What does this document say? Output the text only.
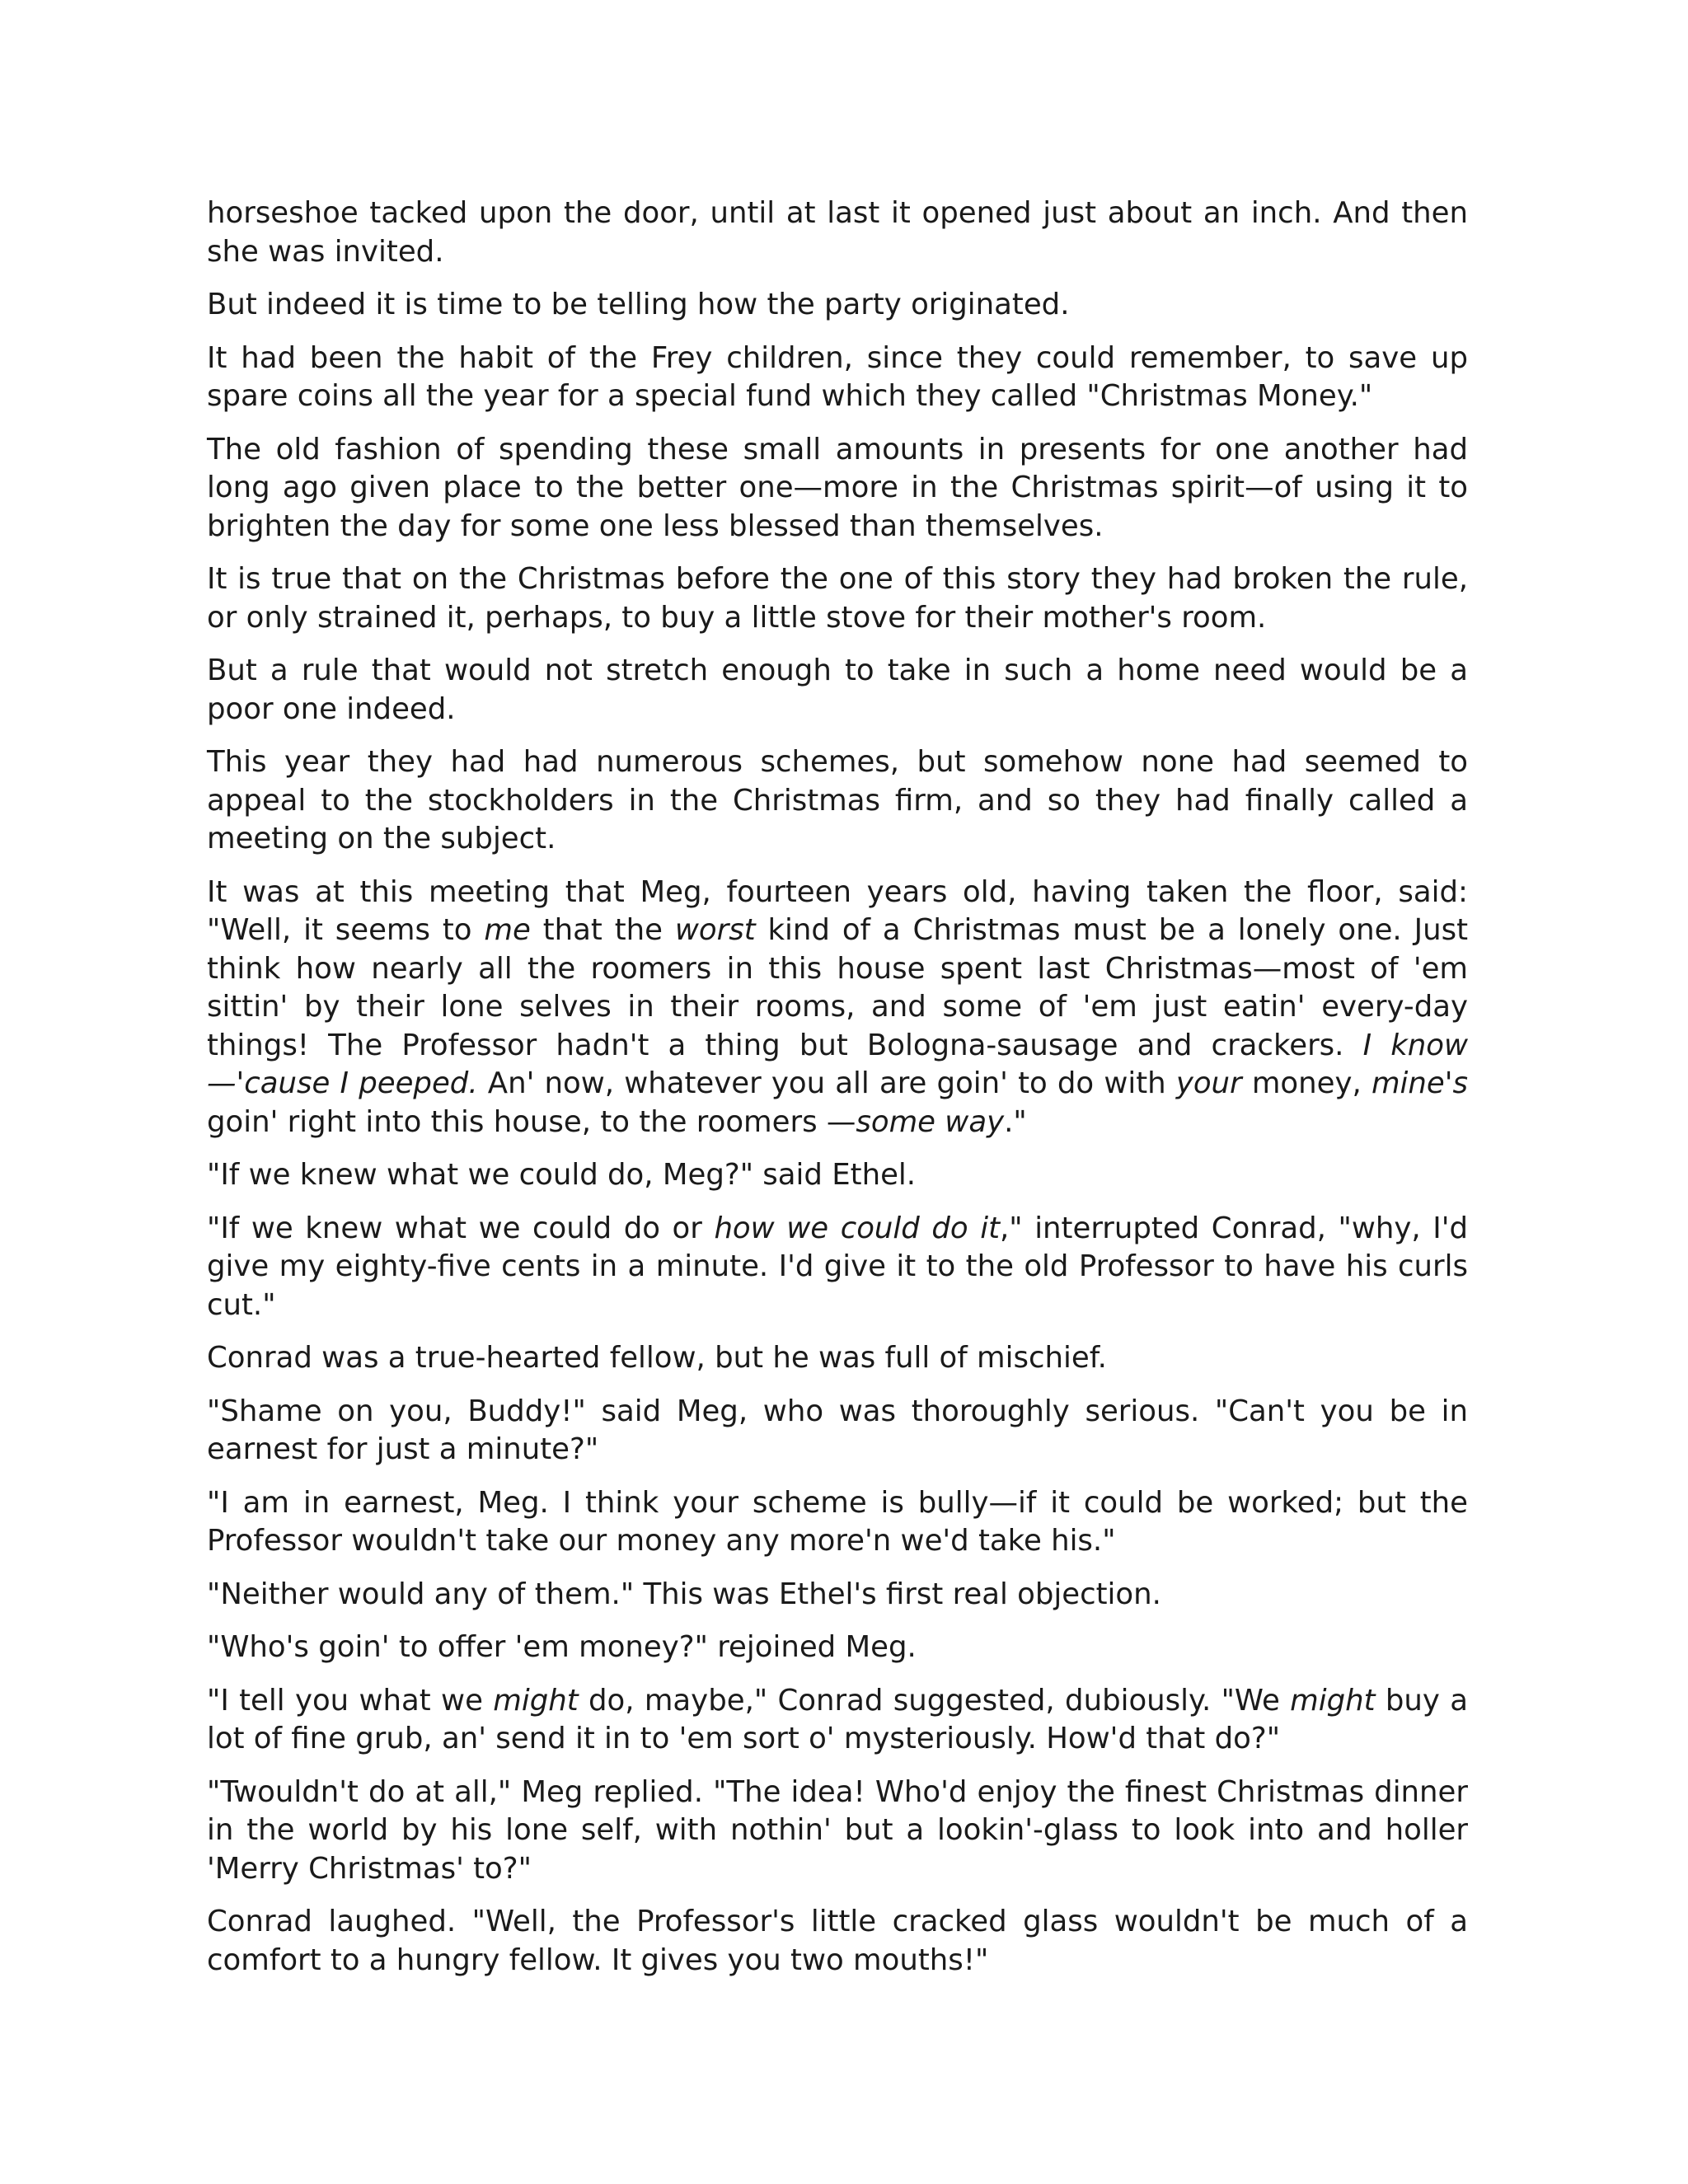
horseshoe tacked upon the door, until at last it opened just about an inch. And then she was invited.

But indeed it is time to be telling how the party originated.

It had been the habit of the Frey children, since they could remember, to save up spare coins all the year for a special fund which they called "Christmas Money."

The old fashion of spending these small amounts in presents for one another had long ago given place to the better one—more in the Christmas spirit—of using it to brighten the day for some one less blessed than themselves.

It is true that on the Christmas before the one of this story they had broken the rule, or only strained it, perhaps, to buy a little stove for their mother's room.

But a rule that would not stretch enough to take in such a home need would be a poor one indeed.

This year they had had numerous schemes, but somehow none had seemed to appeal to the stockholders in the Christmas firm, and so they had finally called a meeting on the subject.

It was at this meeting that Meg, fourteen years old, having taken the floor, said: "Well, it seems to me that the worst kind of a Christmas must be a lonely one. Just think how nearly all the roomers in this house spent last Christmas—most of 'em sittin' by their lone selves in their rooms, and some of 'em just eatin' every-day things! The Professor hadn't a thing but Bologna-sausage and crackers. I know—'cause I peeped. An' now, whatever you all are goin' to do with your money, mine's goin' right into this house, to the roomers —some way."

"If we knew what we could do, Meg?" said Ethel.

"If we knew what we could do or how we could do it," interrupted Conrad, "why, I'd give my eighty-five cents in a minute. I'd give it to the old Professor to have his curls cut."

Conrad was a true-hearted fellow, but he was full of mischief.

"Shame on you, Buddy!" said Meg, who was thoroughly serious. "Can't you be in earnest for just a minute?"

"I am in earnest, Meg. I think your scheme is bully—if it could be worked; but the Professor wouldn't take our money any more'n we'd take his."

"Neither would any of them." This was Ethel's first real objection.

"Who's goin' to offer 'em money?" rejoined Meg.

"I tell you what we might do, maybe," Conrad suggested, dubiously. "We might buy a lot of fine grub, an' send it in to 'em sort o' mysteriously. How'd that do?"

"Twouldn't do at all," Meg replied. "The idea! Who'd enjoy the finest Christmas dinner in the world by his lone self, with nothin' but a lookin'-glass to look into and holler 'Merry Christmas' to?"

Conrad laughed. "Well, the Professor's little cracked glass wouldn't be much of a comfort to a hungry fellow. It gives you two mouths!"
